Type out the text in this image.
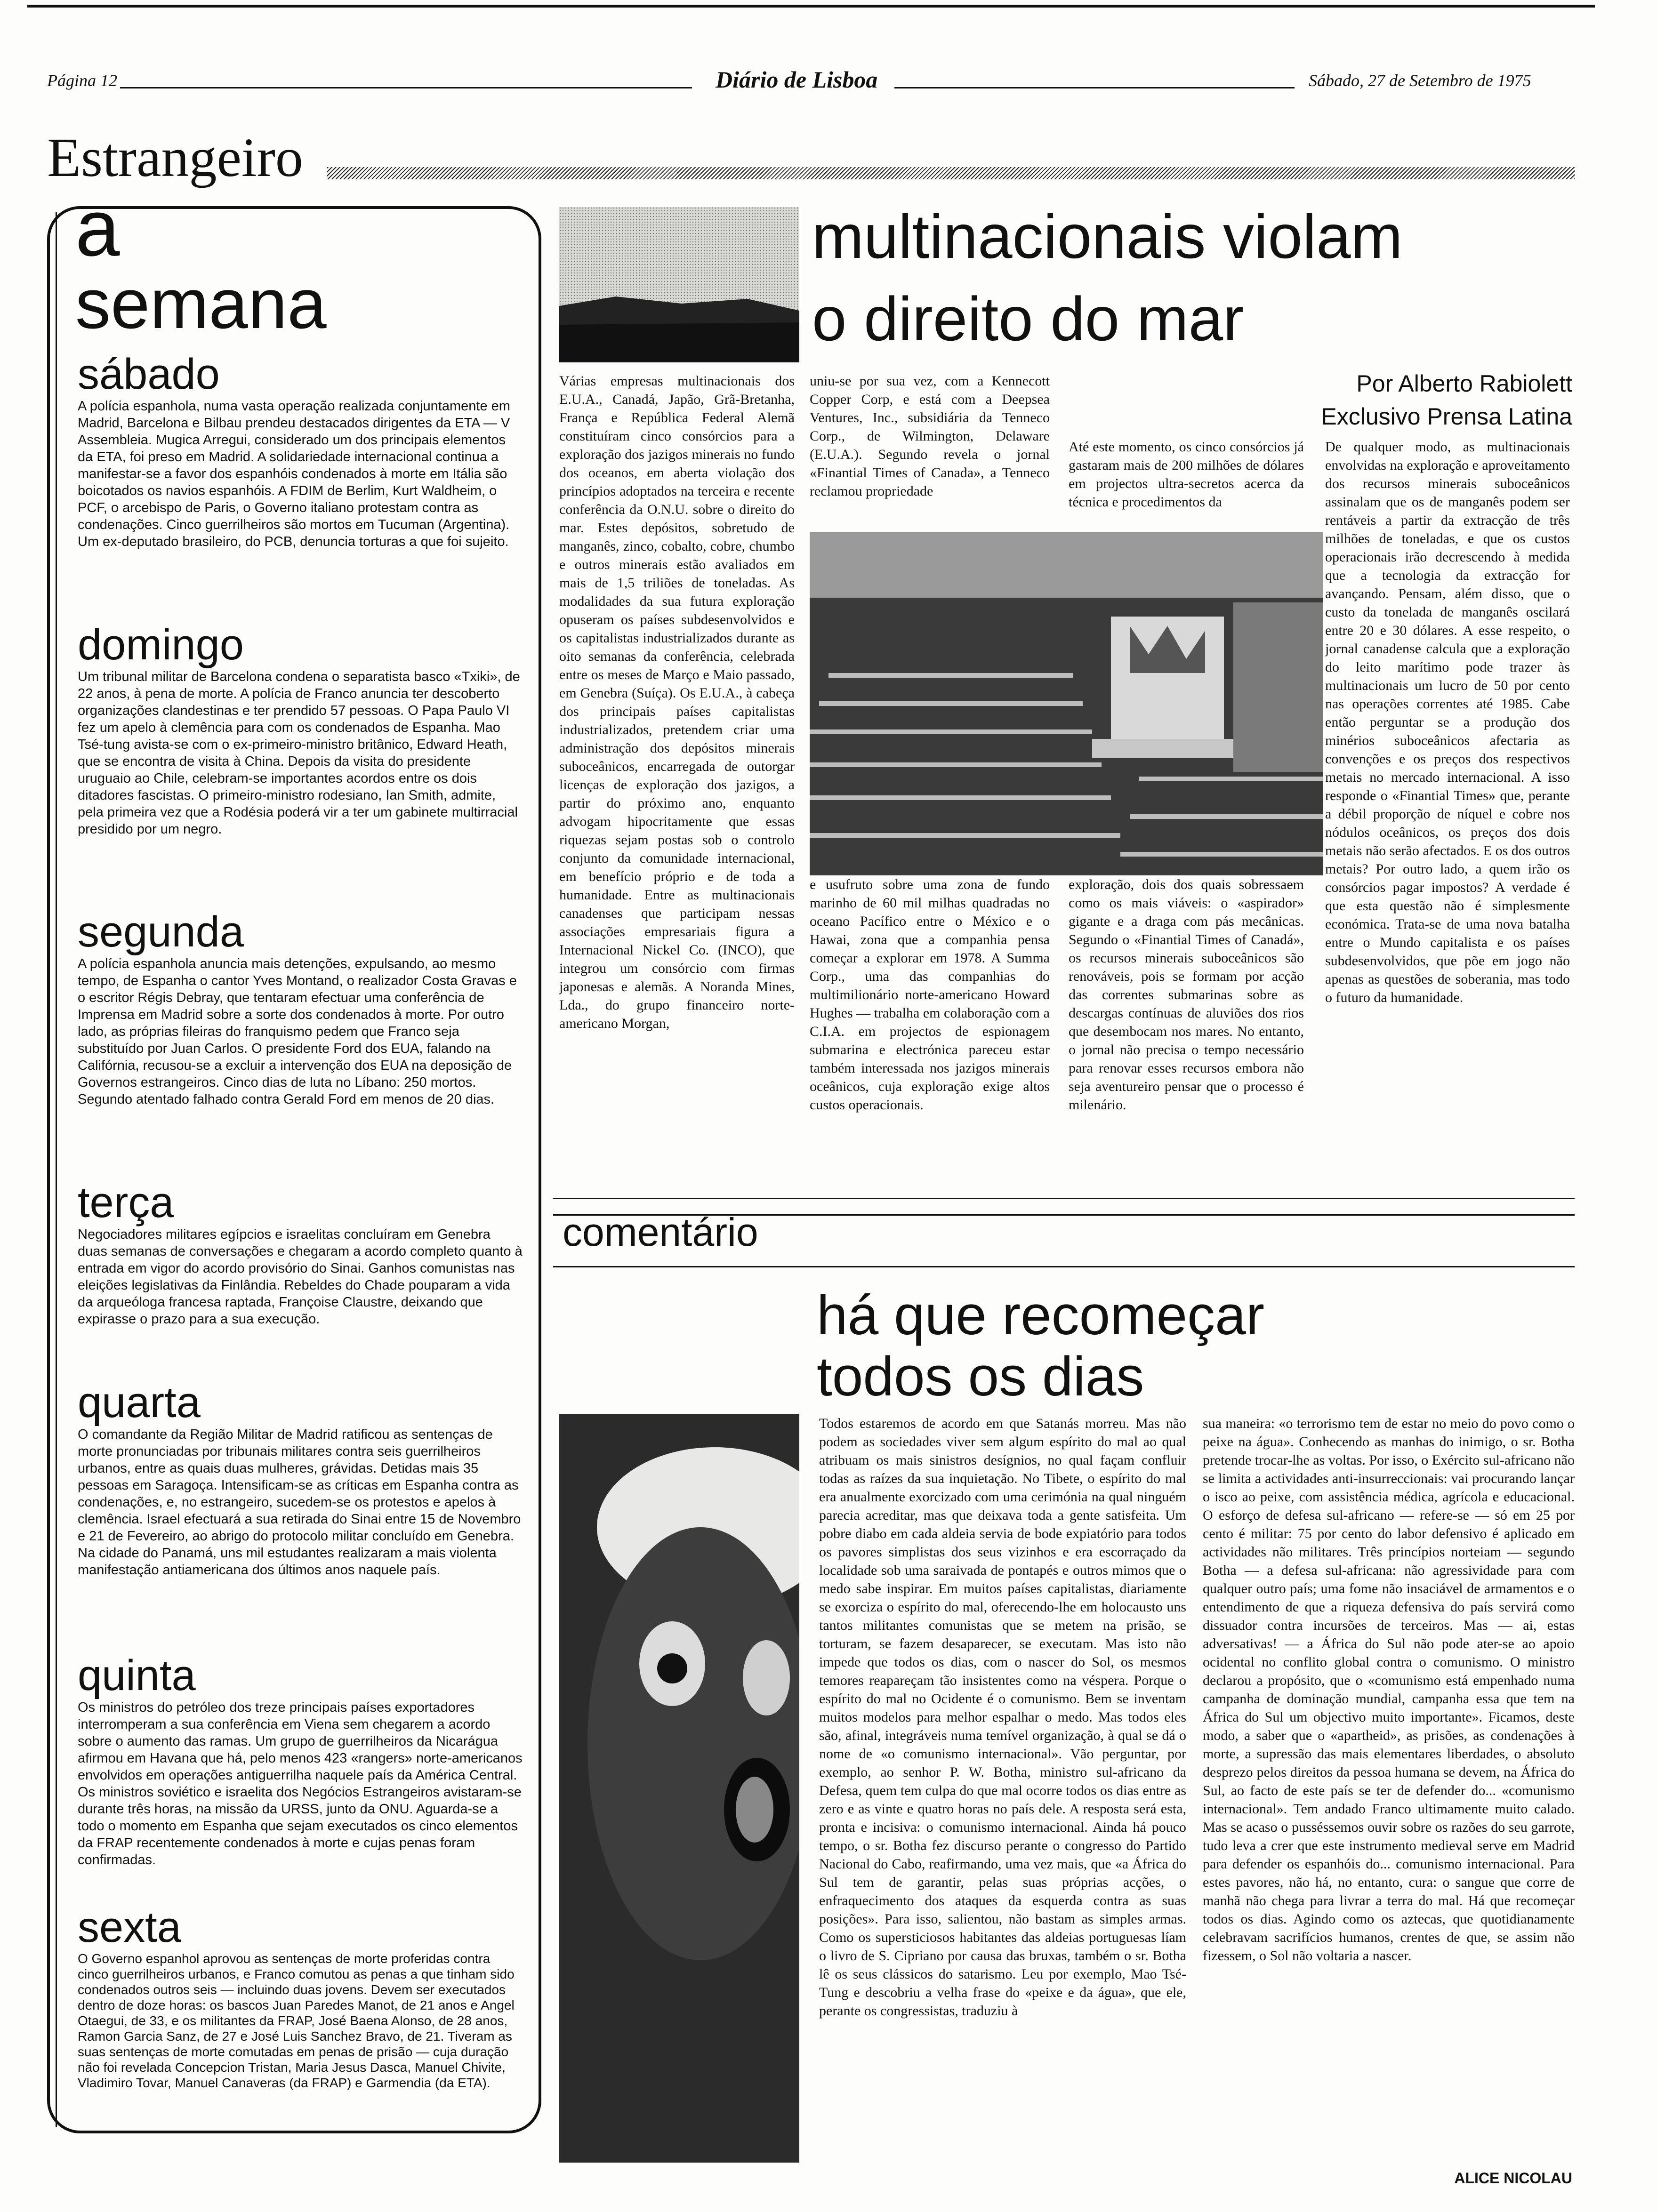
Página 12	Diário de Lisboa	Sábado, 27 de Setembro de 1975
Estrangeiro
a
semana
sábado

A polícia espanhola, numa vasta operação realizada conjuntamente em Madrid, Barcelona e Bilbau prendeu destacados dirigentes da ETA — V Assembleia. Mugica Arregui, considerado um dos principais elementos da ETA, foi preso em Madrid. A solidariedade internacional continua a manifestar-se a favor dos espanhóis condenados à morte em Itália são boicotados os navios espanhóis. A FDIM de Berlim, Kurt Waldheim, o PCF, o arcebispo de Paris, o Governo italiano protestam contra as condenações. Cinco guerrilheiros são mortos em Tucuman (Argentina). Um ex-deputado brasileiro, do PCB, denuncia torturas a que foi sujeito.

domingo

Um tribunal militar de Barcelona condena o separatista basco «Txiki», de 22 anos, à pena de morte. A polícia de Franco anuncia ter descoberto organizações clandestinas e ter prendido 57 pessoas. O Papa Paulo VI fez um apelo à clemência para com os condenados de Espanha. Mao Tsé-tung avista-se com o ex-primeiro-ministro britânico, Edward Heath, que se encontra de visita à China. Depois da visita do presidente uruguaio ao Chile, celebram-se importantes acordos entre os dois ditadores fascistas. O primeiro-ministro rodesiano, Ian Smith, admite, pela primeira vez que a Rodésia poderá vir a ter um gabinete multirracial presidido por um negro.

segunda

A polícia espanhola anuncia mais detenções, expulsando, ao mesmo tempo, de Espanha o cantor Yves Montand, o realizador Costa Gravas e o escritor Régis Debray, que tentaram efectuar uma conferência de Imprensa em Madrid sobre a sorte dos condenados à morte. Por outro lado, as próprias fileiras do franquismo pedem que Franco seja substituído por Juan Carlos. O presidente Ford dos EUA, falando na Califórnia, recusou-se a excluir a intervenção dos EUA na deposição de Governos estrangeiros. Cinco dias de luta no Líbano: 250 mortos. Segundo atentado falhado contra Gerald Ford em menos de 20 dias.

terça

Negociadores militares egípcios e israelitas concluíram em Genebra duas semanas de conversações e chegaram a acordo completo quanto à entrada em vigor do acordo provisório do Sinai. Ganhos comunistas nas eleições legislativas da Finlândia. Rebeldes do Chade pouparam a vida da arqueóloga francesa raptada, Françoise Claustre, deixando que expirasse o prazo para a sua execução.

quarta

O comandante da Região Militar de Madrid ratificou as sentenças de morte pronunciadas por tribunais militares contra seis guerrilheiros urbanos, entre as quais duas mulheres, grávidas. Detidas mais 35 pessoas em Saragoça. Intensificam-se as críticas em Espanha contra as condenações, e, no estrangeiro, sucedem-se os protestos e apelos à clemência. Israel efectuará a sua retirada do Sinai entre 15 de Novembro e 21 de Fevereiro, ao abrigo do protocolo militar concluído em Genebra. Na cidade do Panamá, uns mil estudantes realizaram a mais violenta manifestação antiamericana dos últimos anos naquele país.

quinta

Os ministros do petróleo dos treze principais países exportadores interromperam a sua conferência em Viena sem chegarem a acordo sobre o aumento das ramas. Um grupo de guerrilheiros da Nicarágua afirmou em Havana que há, pelo menos 423 «rangers» norte-americanos envolvidos em operações antiguerrilha naquele país da América Central. Os ministros soviético e israelita dos Negócios Estrangeiros avistaram-se durante três horas, na missão da URSS, junto da ONU. Aguarda-se a todo o momento em Espanha que sejam executados os cinco elementos da FRAP recentemente condenados à morte e cujas penas foram confirmadas.

sexta

O Governo espanhol aprovou as sentenças de morte proferidas contra cinco guerrilheiros urbanos, e Franco comutou as penas a que tinham sido condenados outros seis — incluindo duas jovens. Devem ser executados dentro de doze horas: os bascos Juan Paredes Manot, de 21 anos e Angel Otaegui, de 33, e os militantes da FRAP, José Baena Alonso, de 28 anos, Ramon Garcia Sanz, de 27 e José Luis Sanchez Bravo, de 21. Tiveram as suas sentenças de morte comutadas em penas de prisão — cuja duração não foi revelada Concepcion Tristan, Maria Jesus Dasca, Manuel Chivite, Vladimiro Tovar, Manuel Canaveras (da FRAP) e Garmendia (da ETA).

multinacionais violam
o direito do mar

Várias empresas multinacionais dos E.U.A., Canadá, Japão, Grã-Bretanha, França e República Federal Alemã constituíram cinco consórcios para a exploração dos jazigos minerais no fundo dos oceanos, em aberta violação dos princípios adoptados na terceira e recente conferência da O.N.U. sobre o direito do mar. Estes depósitos, sobretudo de manganês, zinco, cobalto, cobre, chumbo e outros minerais estão avaliados em mais de 1,5 triliões de toneladas. As modalidades da sua futura exploração opuseram os países subdesenvolvidos e os capitalistas industrializados durante as oito semanas da conferência, celebrada entre os meses de Março e Maio passado, em Genebra (Suíça). Os E.U.A., à cabeça dos principais países capitalistas industrializados, pretendem criar uma administração dos depósitos minerais suboceânicos, encarregada de outorgar licenças de exploração dos jazigos, a partir do próximo ano, enquanto advogam hipocritamente que essas riquezas sejam postas sob o controlo conjunto da comunidade internacional, em benefício próprio e de toda a humanidade. Entre as multinacionais canadenses que participam nessas associações empresariais figura a Internacional Nickel Co. (INCO), que integrou um consórcio com firmas japonesas e alemãs. A Noranda Mines, Lda., do grupo financeiro norte-americano Morgan,

uniu-se por sua vez, com a Kennecott Copper Corp, e está com a Deepsea Ventures, Inc., subsidiária da Tenneco Corp., de Wilmington, Delaware (E.U.A.). Segundo revela o jornal «Finantial Times of Canada», a Tenneco reclamou propriedade

Até este momento, os cinco consórcios já gastaram mais de 200 milhões de dólares em projectos ultra-secretos acerca da técnica e procedimentos da

Por Alberto Rabiolett
Exclusivo Prensa Latina

e usufruto sobre uma zona de fundo marinho de 60 mil milhas quadradas no oceano Pacífico entre o México e o Hawai, zona que a companhia pensa começar a explorar em 1978. A Summa Corp., uma das companhias do multimilionário norte-americano Howard Hughes — trabalha em colaboração com a C.I.A. em projectos de espionagem submarina e electrónica pareceu estar também interessada nos jazigos minerais oceânicos, cuja exploração exige altos custos operacionais.

exploração, dois dos quais sobressaem como os mais viáveis: o «aspirador» gigante e a draga com pás mecânicas. Segundo o «Finantial Times of Canadá», os recursos minerais suboceânicos são renováveis, pois se formam por acção das correntes submarinas sobre as descargas contínuas de aluviões dos rios que desembocam nos mares. No entanto, o jornal não precisa o tempo necessário para renovar esses recursos embora não seja aventureiro pensar que o processo é milenário.

De qualquer modo, as multinacionais envolvidas na exploração e aproveitamento dos recursos minerais suboceânicos assinalam que os de manganês podem ser rentáveis a partir da extracção de três milhões de toneladas, e que os custos operacionais irão decrescendo à medida que a tecnologia da extracção for avançando. Pensam, além disso, que o custo da tonelada de manganês oscilará entre 20 e 30 dólares. A esse respeito, o jornal canadense calcula que a exploração do leito marítimo pode trazer às multinacionais um lucro de 50 por cento nas operações correntes até 1985. Cabe então perguntar se a produção dos minérios suboceânicos afectaria as convenções e os preços dos respectivos metais no mercado internacional. A isso responde o «Finantial Times» que, perante a débil proporção de níquel e cobre nos nódulos oceânicos, os preços dos dois metais não serão afectados. E os dos outros metais? Por outro lado, a quem irão os consórcios pagar impostos? A verdade é que esta questão não é simplesmente económica. Trata-se de uma nova batalha entre o Mundo capitalista e os países subdesenvolvidos, que põe em jogo não apenas as questões de soberania, mas todo o futuro da humanidade.

comentário
há que recomeçar
todos os dias

Todos estaremos de acordo em que Satanás morreu. Mas não podem as sociedades viver sem algum espírito do mal ao qual atribuam os mais sinistros desígnios, no qual façam confluir todas as raízes da sua inquietação. No Tibete, o espírito do mal era anualmente exorcizado com uma cerimónia na qual ninguém parecia acreditar, mas que deixava toda a gente satisfeita. Um pobre diabo em cada aldeia servia de bode expiatório para todos os pavores simplistas dos seus vizinhos e era escorraçado da localidade sob uma saraivada de pontapés e outros mimos que o medo sabe inspirar. Em muitos países capitalistas, diariamente se exorciza o espírito do mal, oferecendo-lhe em holocausto uns tantos militantes comunistas que se metem na prisão, se torturam, se fazem desaparecer, se executam. Mas isto não impede que todos os dias, com o nascer do Sol, os mesmos temores reapareçam tão insistentes como na véspera. Porque o espírito do mal no Ocidente é o comunismo. Bem se inventam muitos modelos para melhor espalhar o medo. Mas todos eles são, afinal, integráveis numa temível organização, à qual se dá o nome de «o comunismo internacional». Vão perguntar, por exemplo, ao senhor P. W. Botha, ministro sul-africano da Defesa, quem tem culpa do que mal ocorre todos os dias entre as zero e as vinte e quatro horas no país dele. A resposta será esta, pronta e incisiva: o comunismo internacional. Ainda há pouco tempo, o sr. Botha fez discurso perante o congresso do Partido Nacional do Cabo, reafirmando, uma vez mais, que «a África do Sul tem de garantir, pelas suas próprias acções, o enfraquecimento dos ataques da esquerda contra as suas posições». Para isso, salientou, não bastam as simples armas. Como os supersticiosos habitantes das aldeias portuguesas líam o livro de S. Cipriano por causa das bruxas, também o sr. Botha lê os seus clássicos do satarismo. Leu por exemplo, Mao Tsé-Tung e descobriu a velha frase do «peixe e da água», que ele, perante os congressistas, traduziu à

sua maneira: «o terrorismo tem de estar no meio do povo como o peixe na água». Conhecendo as manhas do inimigo, o sr. Botha pretende trocar-lhe as voltas. Por isso, o Exército sul-africano não se limita a actividades anti-insurreccionais: vai procurando lançar o isco ao peixe, com assistência médica, agrícola e educacional. O esforço de defesa sul-africano — refere-se — só em 25 por cento é militar: 75 por cento do labor defensivo é aplicado em actividades não militares. Três princípios norteiam — segundo Botha — a defesa sul-africana: não agressividade para com qualquer outro país; uma fome não insaciável de armamentos e o entendimento de que a riqueza defensiva do país servirá como dissuador contra incursões de terceiros. Mas — ai, estas adversativas! — a África do Sul não pode ater-se ao apoio ocidental no conflito global contra o comunismo. O ministro declarou a propósito, que o «comunismo está empenhado numa campanha de dominação mundial, campanha essa que tem na África do Sul um objectivo muito importante». Ficamos, deste modo, a saber que o «apartheid», as prisões, as condenações à morte, a supressão das mais elementares liberdades, o absoluto desprezo pelos direitos da pessoa humana se devem, na África do Sul, ao facto de este país se ter de defender do... «comunismo internacional». Tem andado Franco ultimamente muito calado. Mas se acaso o pusséssemos ouvir sobre os razões do seu garrote, tudo leva a crer que este instrumento medieval serve em Madrid para defender os espanhóis do... comunismo internacional. Para estes pavores, não há, no entanto, cura: o sangue que corre de manhã não chega para livrar a terra do mal. Há que recomeçar todos os dias. Agindo como os aztecas, que quotidianamente celebravam sacrifícios humanos, crentes de que, se assim não fizessem, o Sol não voltaria a nascer.

ALICE NICOLAU
